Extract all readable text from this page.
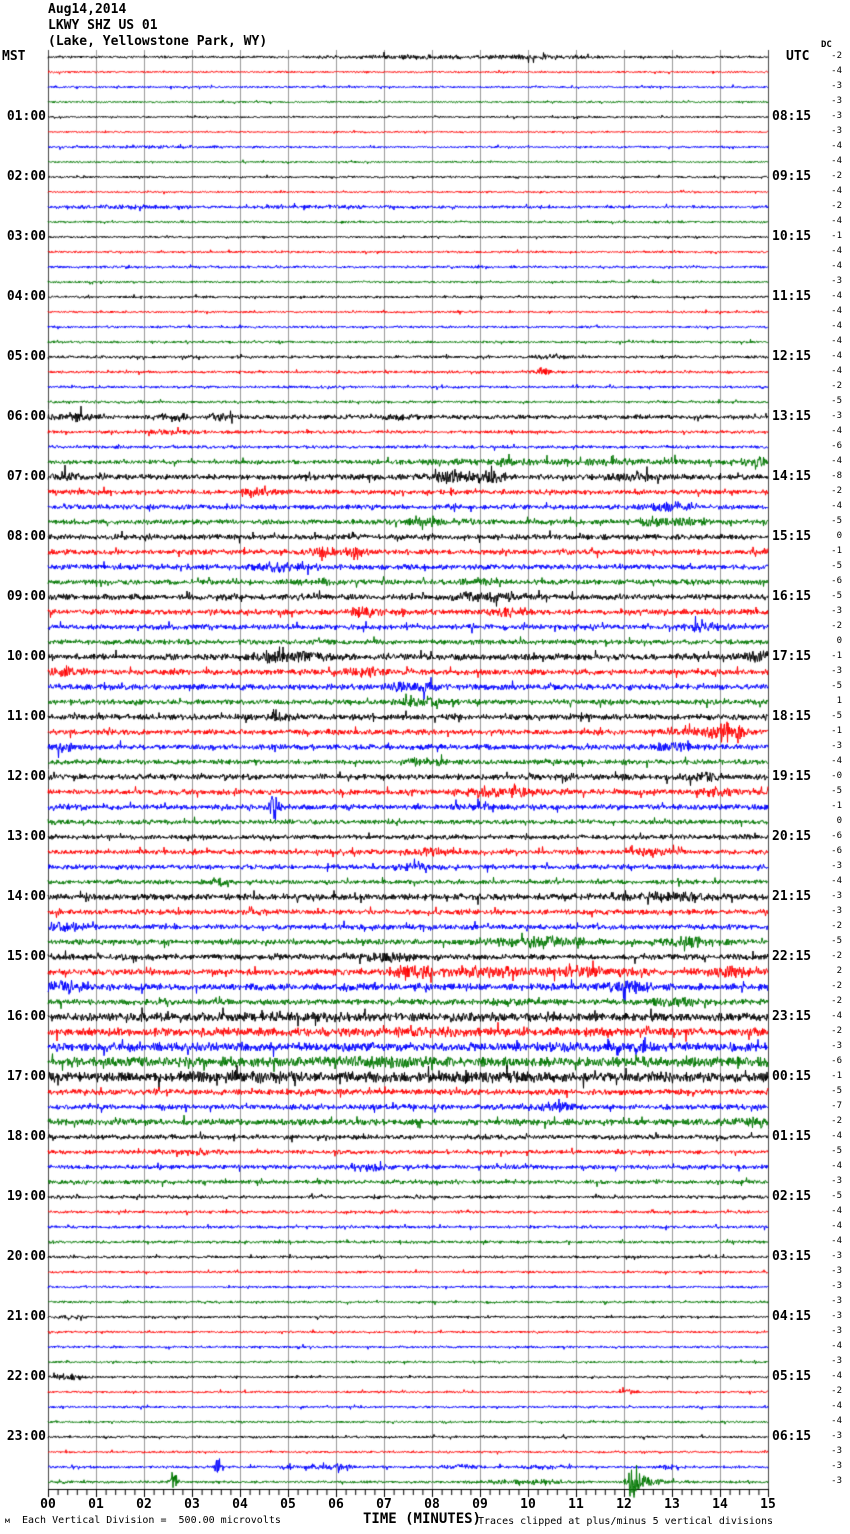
Aug14,2014
LKWY SHZ US 01
(Lake, Yellowstone Park, WY)
MST	UTC
DC
01:00
02:00
03:00
04:00
05:00
06:00
07:00
08:00
09:00
10:00
11:00
12:00
13:00
14:00
15:00
16:00
17:00
18:00
19:00
20:00
21:00
22:00
23:00
08:15
09:15
10:15
11:15
12:15
13:15
14:15
15:15
16:15
17:15
18:15
19:15
20:15
21:15
22:15
23:15
00:15
01:15
02:15
03:15
04:15
05:15
06:15
-2
-4
-3
-3
-3
-3
-4
-4
-2
-4
-2
-4
-1
-4
-4
-3
-4
-4
-4
-4
-4
-4
-2
-5
-3
-4
-6
-4
-8
-2
-4
-5
0
-1
-5
-6
-5
-3
-2
0
-1
-3
-5
1
-5
-1
-3
-4
-0
-5
-1
0
-6
-6
-3
-4
-3
-3
-2
-5
-2
2
-2
-2
-4
-2
-3
-6
-1
-5
-7
-2
-4
-5
-4
-3
-5
-4
-4
-4
-3
-3
-3
-3
-3
-3
-4
-3
-4
-2
-4
-4
-3
-3
-3
-3
00	01	02	03	04	05	06	07	08	09	10	11	12	13	14	15
Each Vertical Division =  500.00 microvolts	TIME (MINUTES)
Traces clipped at plus/minus 5 vertical divisions
м
